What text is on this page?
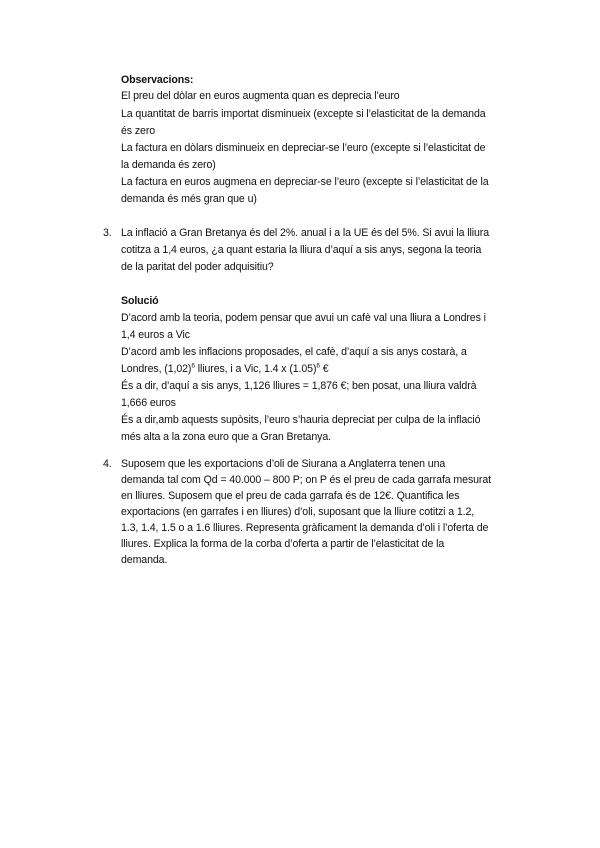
Observacions:
El preu del dòlar en euros augmenta quan es deprecia l’euro
La quantitat de barris importat disminueix (excepte si l’elasticitat de la demanda
és zero
La factura en dòlars disminueix en depreciar-se l’euro (excepte si l’elasticitat de
la demanda és zero)
La factura en euros augmena en depreciar-se l’euro (excepte si l’elasticitat de la
demanda és més gran que u)
3. La inflació a Gran Bretanya és del 2%. anual i a la UE és del 5%. Si avui la lliura
cotitza a 1,4 euros, ¿a quant estaria la lliura d’aquí a sis anys, segona la teoria
de la paritat del poder adquisitiu?
Solució
D’acord amb la teoria, podem pensar que avui un cafè val una lliura a Londres i
1,4 euros a Vic
D’acord amb les inflacions proposades, el cafè, d’aquí a sis anys costarà, a
Londres, $(1,02)^6$ lliures, i a Vic, 1.4 x $(1.05)^6$ €
És a dir, d’aquí a sis anys, 1,126 lliures = 1,876 €; ben posat, una lliura valdrà
1,666 euros
És a dir,amb aquests supòsits, l’euro s’hauria depreciat per culpa de la inflació
més alta a la zona euro que a Gran Bretanya.
4. Suposem que les exportacions d’oli de Siurana a Anglaterra tenen una
demanda tal com Qd = 40.000 – 800 P; on P és el preu de cada garrafa mesurat
en lliures. Suposem que el preu de cada garrafa és de 12€. Quantifica les
exportacions (en garrafes i en lliures) d’oli, suposant que la lliure cotitzi a 1.2,
1.3, 1.4, 1.5 o a 1.6 lliures. Representa gràficament la demanda d’oli i l’oferta de
lliures. Explica la forma de la corba d’oferta a partir de l’elasticitat de la
demanda.
